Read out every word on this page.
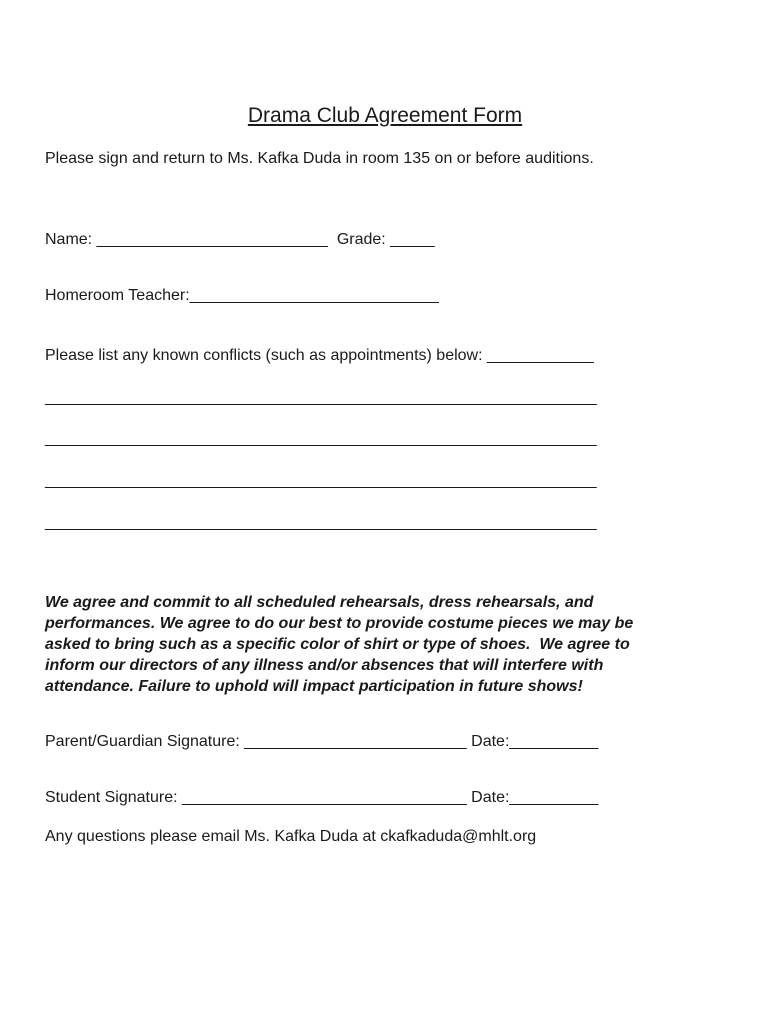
Drama Club Agreement Form
Please sign and return to Ms. Kafka Duda in room 135 on or before auditions.
Name: __________________________  Grade: _____
Homeroom Teacher:____________________________
Please list any known conflicts (such as appointments) below: ____________
______________________________________________________________
______________________________________________________________
______________________________________________________________
______________________________________________________________
We agree and commit to all scheduled rehearsals, dress rehearsals, and
performances. We agree to do our best to provide costume pieces we may be
asked to bring such as a specific color of shirt or type of shoes.  We agree to
inform our directors of any illness and/or absences that will interfere with
attendance. Failure to uphold will impact participation in future shows!
Parent/Guardian Signature: _________________________ Date:__________
Student Signature: ________________________________ Date:__________
Any questions please email Ms. Kafka Duda at ckafkaduda@mhlt.org
